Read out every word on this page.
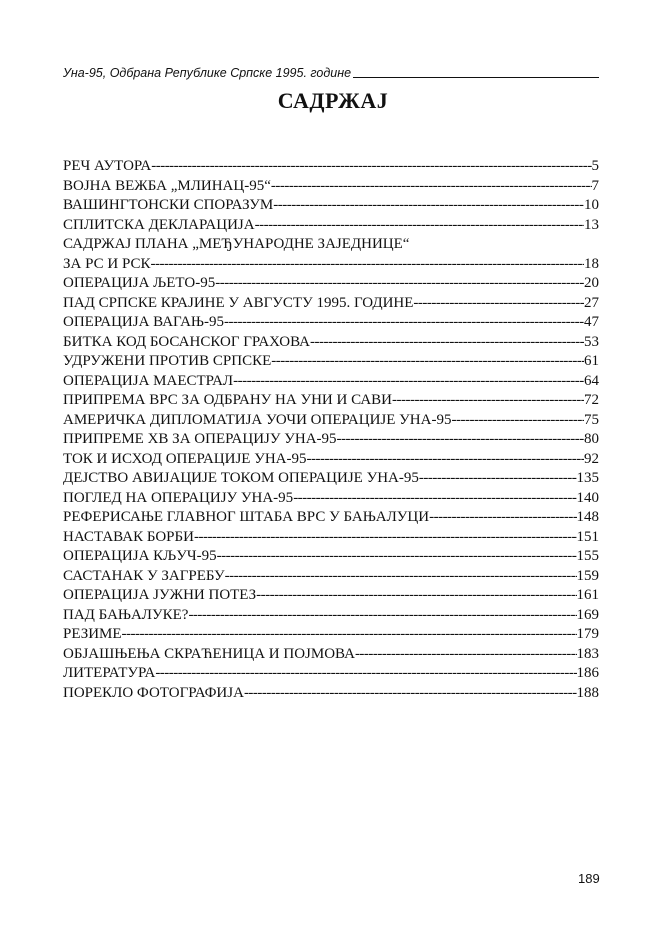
Уна-95, Одбрана Републике Српске 1995. године
САДРЖАЈ
РЕЧ АУТОРА -----	5
ВОЈНА ВЕЖБА „МЛИНАЦ-95“ -----	7
ВАШИНГТОНСКИ СПОРАЗУМ -----	10
СПЛИТСКА ДЕКЛАРАЦИЈА -----	13
САДРЖАЈ ПЛАНА „МЕЂУНАРОДНЕ ЗАЈЕДНИЦЕ“
ЗА РС И РСК -----	18
ОПЕРАЦИЈА ЉЕТО-95 -----	20
ПАД СРПСКЕ КРАЈИНЕ У АВГУСТУ 1995. ГОДИНЕ -----	27
ОПЕРАЦИЈА ВАГАЊ-95 -----	47
БИТКА КОД БОСАНСКОГ ГРАХОВА -----	53
УДРУЖЕНИ ПРОТИВ СРПСКЕ -----	61
ОПЕРАЦИЈА МАЕСТРАЛ -----	64
ПРИПРЕМА ВРС ЗА ОДБРАНУ НА УНИ И САВИ -----	72
АМЕРИЧКА ДИПЛОМАТИЈА УОЧИ ОПЕРАЦИЈЕ УНА-95 -----	75
ПРИПРЕМЕ ХВ ЗА ОПЕРАЦИЈУ УНА-95 -----	80
ТОК И ИСХОД ОПЕРАЦИЈЕ УНА-95 -----	92
ДЕЈСТВО АВИЈАЦИЈЕ ТОКОМ ОПЕРАЦИЈЕ УНА-95 -----	135
ПОГЛЕД НА ОПЕРАЦИЈУ УНА-95 -----	140
РЕФЕРИСАЊЕ ГЛАВНОГ ШТАБА ВРС У БАЊАЛУЦИ -----	148
НАСТАВАК БОРБИ -----	151
ОПЕРАЦИЈА КЉУЧ-95 -----	155
САСТАНАК У ЗАГРЕБУ -----	159
ОПЕРАЦИЈА ЈУЖНИ ПОТЕЗ -----	161
ПАД БАЊАЛУКЕ? -----	169
РЕЗИМЕ -----	179
ОБЈАШЊЕЊА СКРАЋЕНИЦА И ПОЈМОВА -----	183
ЛИТЕРАТУРА -----	186
ПОРЕКЛО ФОТОГРАФИЈА -----	188
189
